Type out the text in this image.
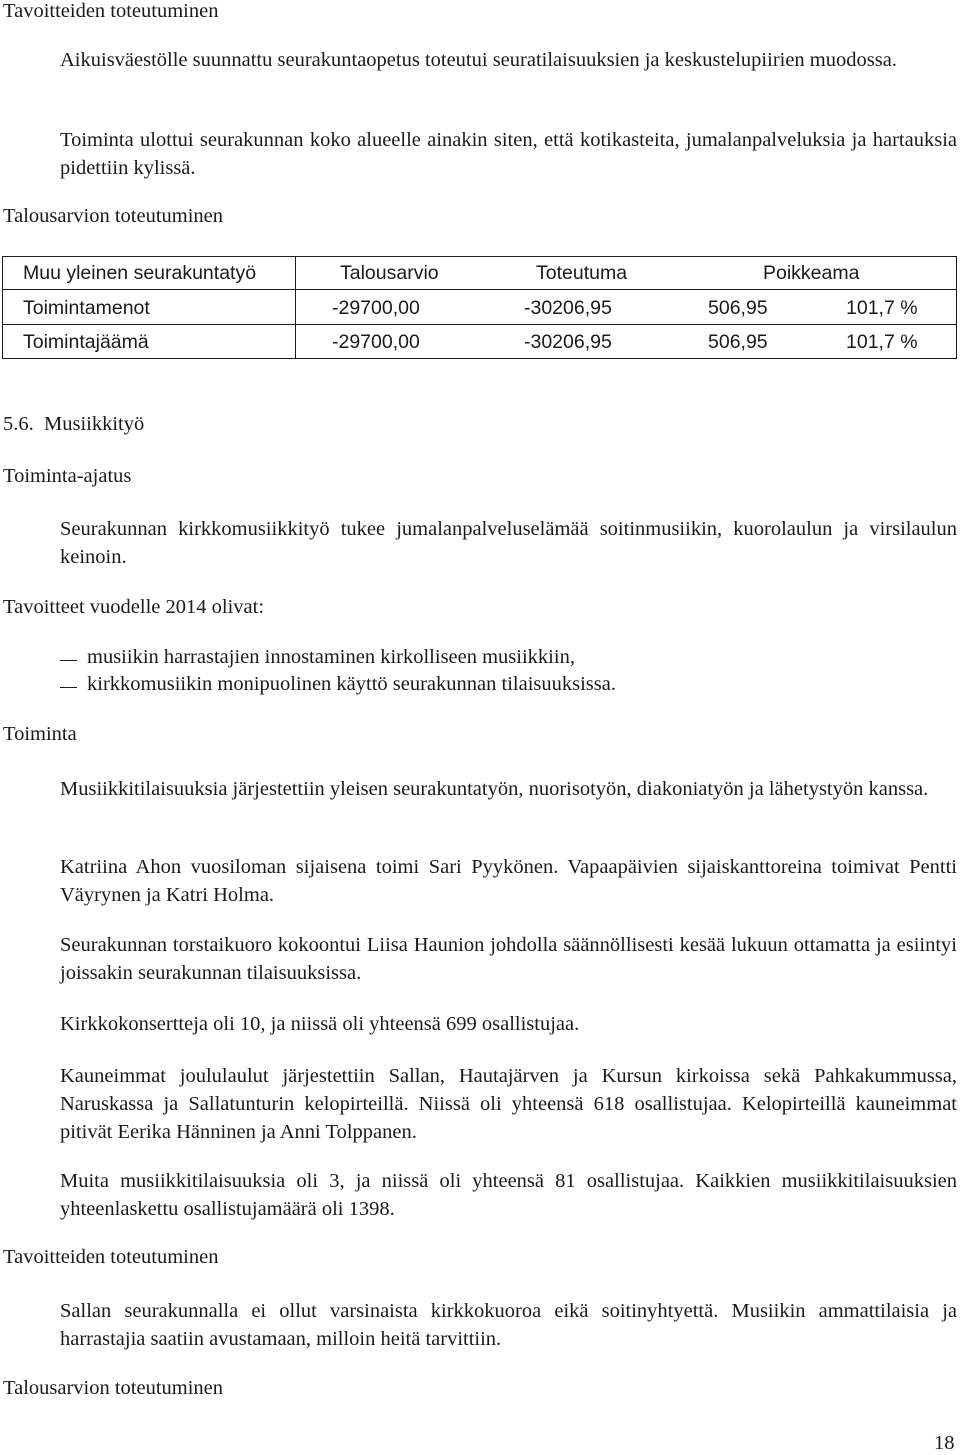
Tavoitteiden toteutuminen
Aikuisväestölle suunnattu seurakuntaopetus toteutui seuratilaisuuksien ja keskustelupiirien muodossa.
Toiminta ulottui seurakunnan koko alueelle ainakin siten, että kotikasteita, jumalanpalveluksia ja hartauksia pidettiin kylissä.
Talousarvion toteutuminen
Muu yleinen seurakuntatyö	Talousarvio	Toteutuma	Poikkeama
Toimintamenot	-29700,00	-30206,95	506,95	101,7 %
Toimintajäämä	-29700,00	-30206,95	506,95	101,7 %
5.6.  Musiikkityö
Toiminta-ajatus
Seurakunnan kirkkomusiikkityö tukee jumalanpalveluselämää soitinmusiikin, kuorolaulun ja virsilaulun keinoin.
Tavoitteet vuodelle 2014 olivat:
musiikin harrastajien innostaminen kirkolliseen musiikkiin,
kirkkomusiikin monipuolinen käyttö seurakunnan tilaisuuksissa.
Toiminta
Musiikkitilaisuuksia järjestettiin yleisen seurakuntatyön, nuorisotyön, diakoniatyön ja lähetystyön kanssa.
Katriina Ahon vuosiloman sijaisena toimi Sari Pyykönen. Vapaapäivien sijaiskanttoreina toimivat Pentti Väyrynen ja Katri Holma.
Seurakunnan torstaikuoro kokoontui Liisa Haunion johdolla säännöllisesti kesää lukuun ottamatta ja esiintyi joissakin seurakunnan tilaisuuksissa.
Kirkkokonsertteja oli 10, ja niissä oli yhteensä 699 osallistujaa.
Kauneimmat joululaulut järjestettiin Sallan, Hautajärven ja Kursun kirkoissa sekä Pahkakummussa, Naruskassa ja Sallatunturin kelopirteillä. Niissä oli yhteensä 618 osallistujaa. Kelopirteillä kauneimmat pitivät Eerika Hänninen ja Anni Tolppanen.
Muita musiikkitilaisuuksia oli 3, ja niissä oli yhteensä 81 osallistujaa. Kaikkien musiikkitilaisuuksien yhteenlaskettu osallistujamäärä oli 1398.
Tavoitteiden toteutuminen
Sallan seurakunnalla ei ollut varsinaista kirkkokuoroa eikä soitinyhtyettä. Musiikin ammattilaisia ja harrastajia saatiin avustamaan, milloin heitä tarvittiin.
Talousarvion toteutuminen
18
